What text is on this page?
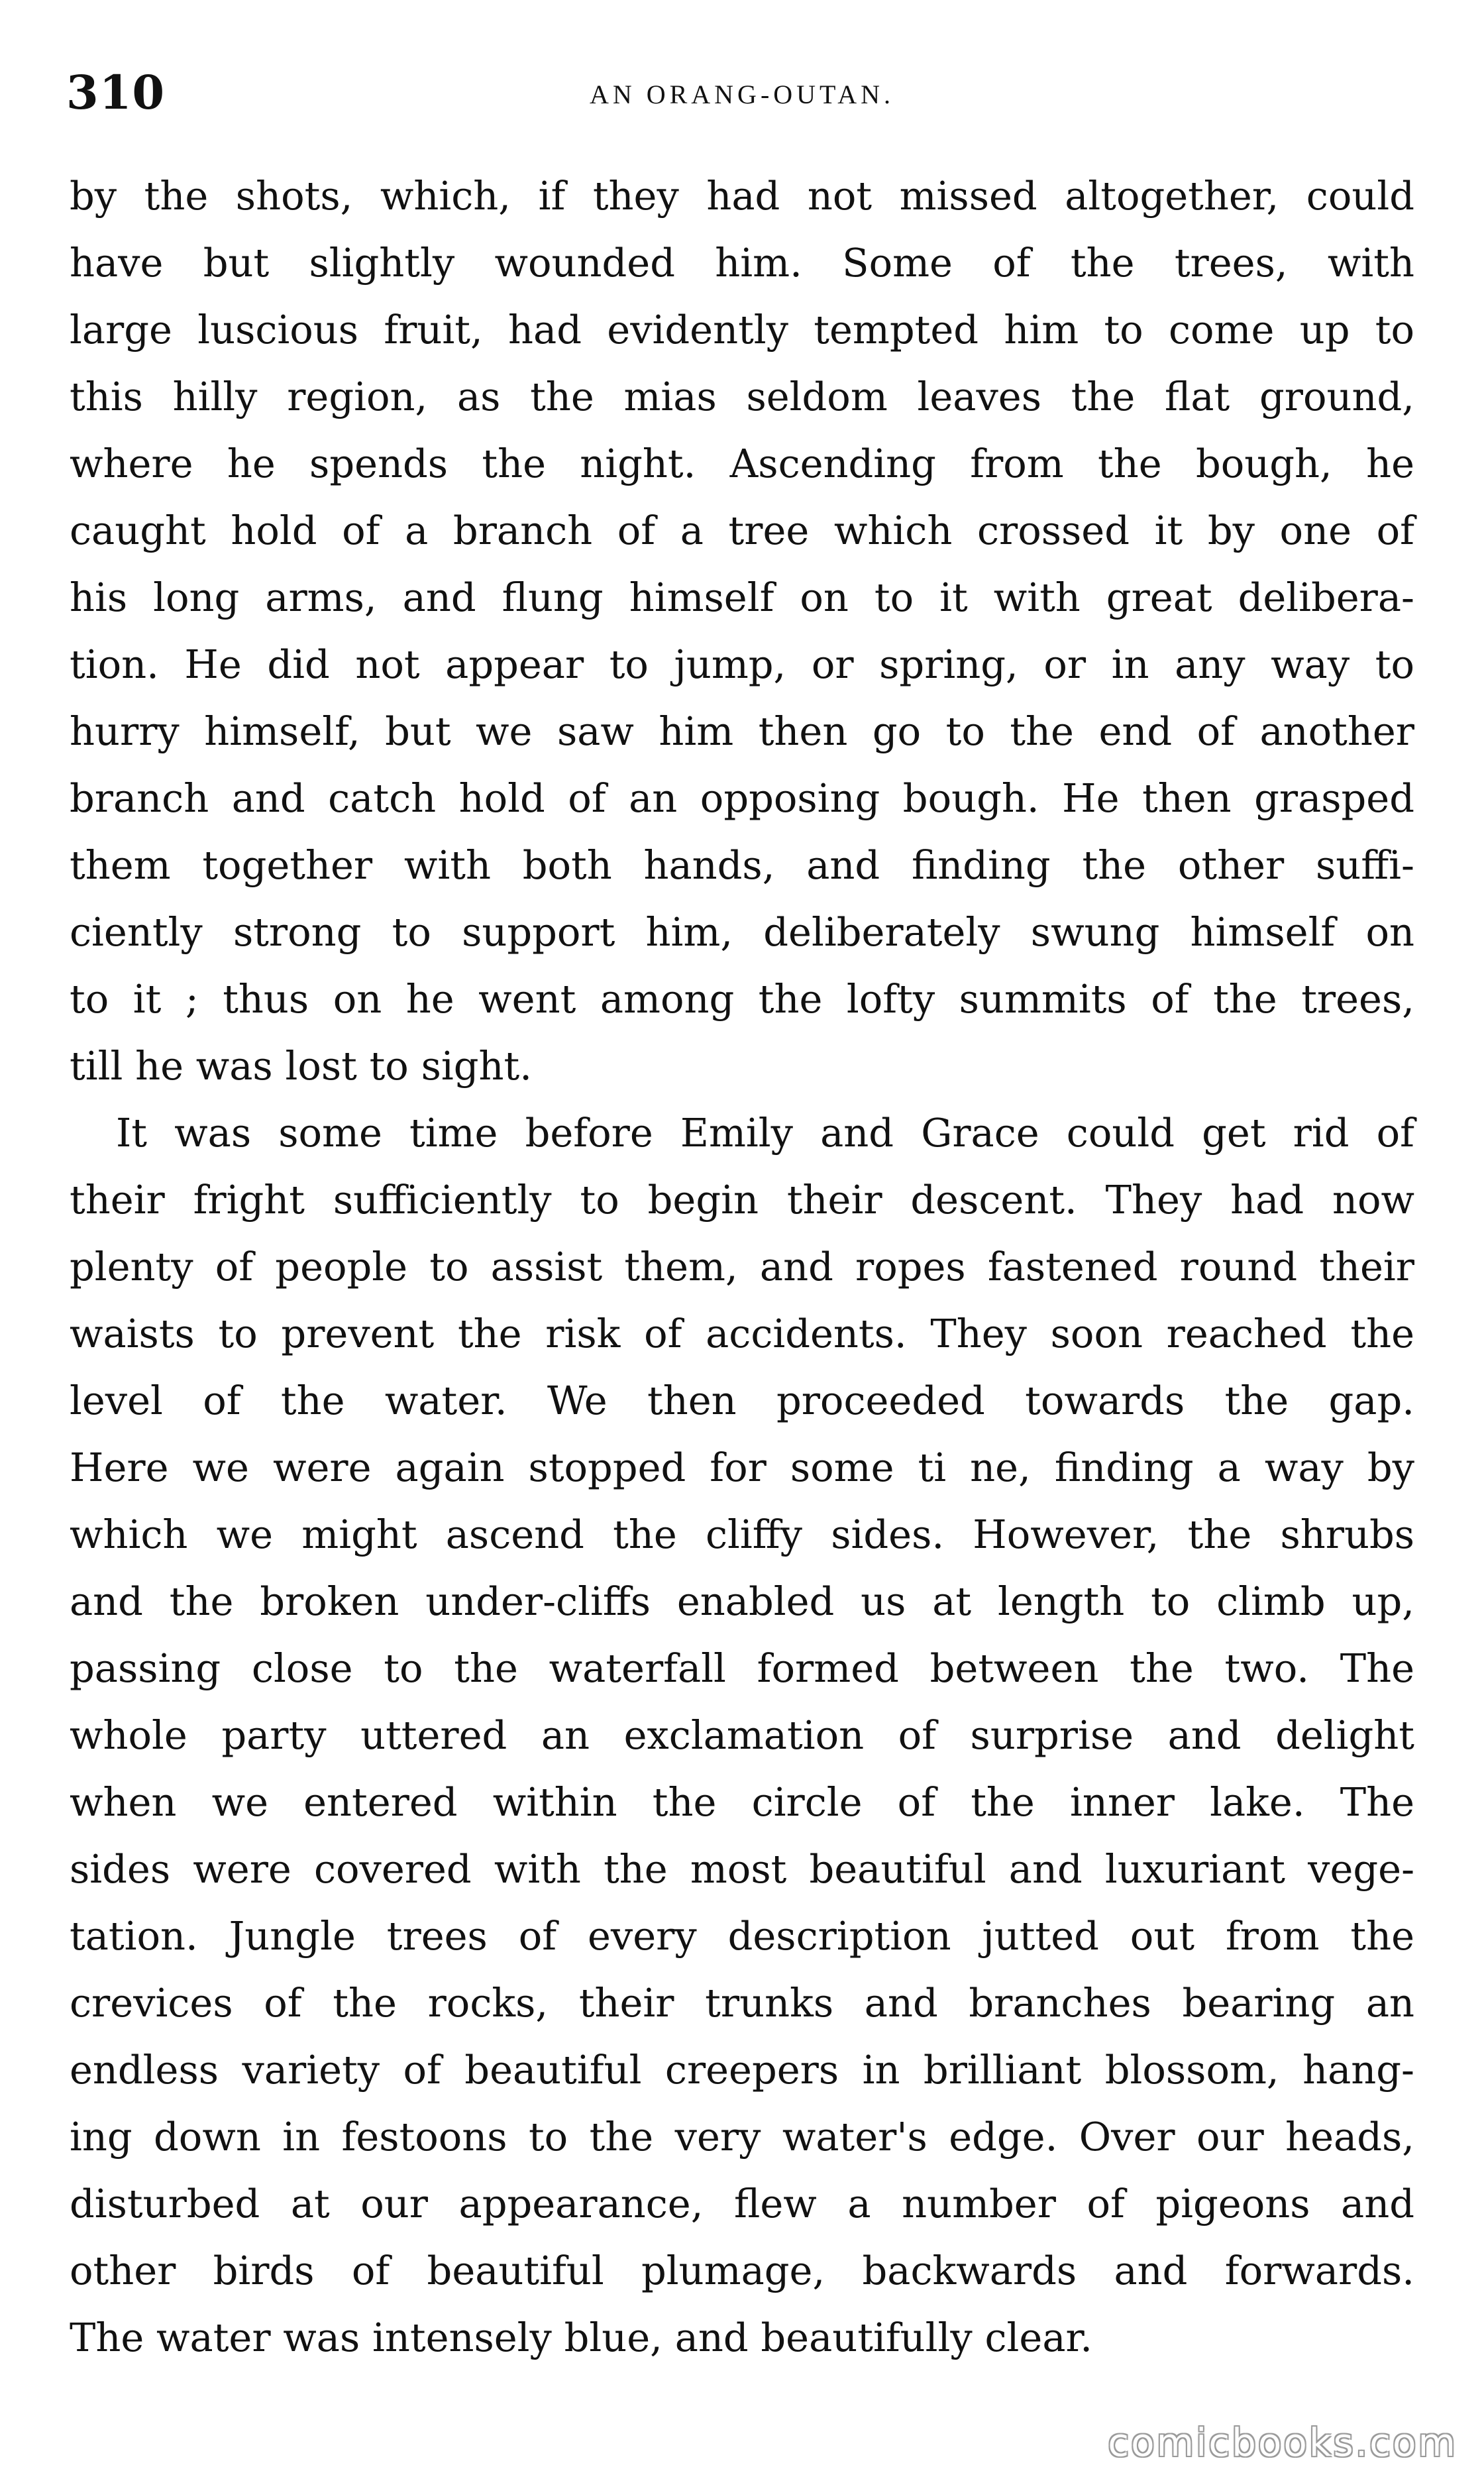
310	AN ORANG-OUTAN.
by the shots, which, if they had not missed altogether, could
have but slightly wounded him. Some of the trees, with
large luscious fruit, had evidently tempted him to come up to
this hilly region, as the mias seldom leaves the flat ground,
where he spends the night. Ascending from the bough, he
caught hold of a branch of a tree which crossed it by one of
his long arms, and flung himself on to it with great delibera-
tion. He did not appear to jump, or spring, or in any way to
hurry himself, but we saw him then go to the end of another
branch and catch hold of an opposing bough. He then grasped
them together with both hands, and finding the other suffi-
ciently strong to support him, deliberately swung himself on
to it ; thus on he went among the lofty summits of the trees,
till he was lost to sight.
It was some time before Emily and Grace could get rid of
their fright sufficiently to begin their descent. They had now
plenty of people to assist them, and ropes fastened round their
waists to prevent the risk of accidents. They soon reached the
level of the water. We then proceeded towards the gap.
Here we were again stopped for some ti ne, finding a way by
which we might ascend the cliffy sides. However, the shrubs
and the broken under-cliffs enabled us at length to climb up,
passing close to the waterfall formed between the two. The
whole party uttered an exclamation of surprise and delight
when we entered within the circle of the inner lake. The
sides were covered with the most beautiful and luxuriant vege-
tation. Jungle trees of every description jutted out from the
crevices of the rocks, their trunks and branches bearing an
endless variety of beautiful creepers in brilliant blossom, hang-
ing down in festoons to the very water's edge. Over our heads,
disturbed at our appearance, flew a number of pigeons and
other birds of beautiful plumage, backwards and forwards.
The water was intensely blue, and beautifully clear.
comicbooks.com
